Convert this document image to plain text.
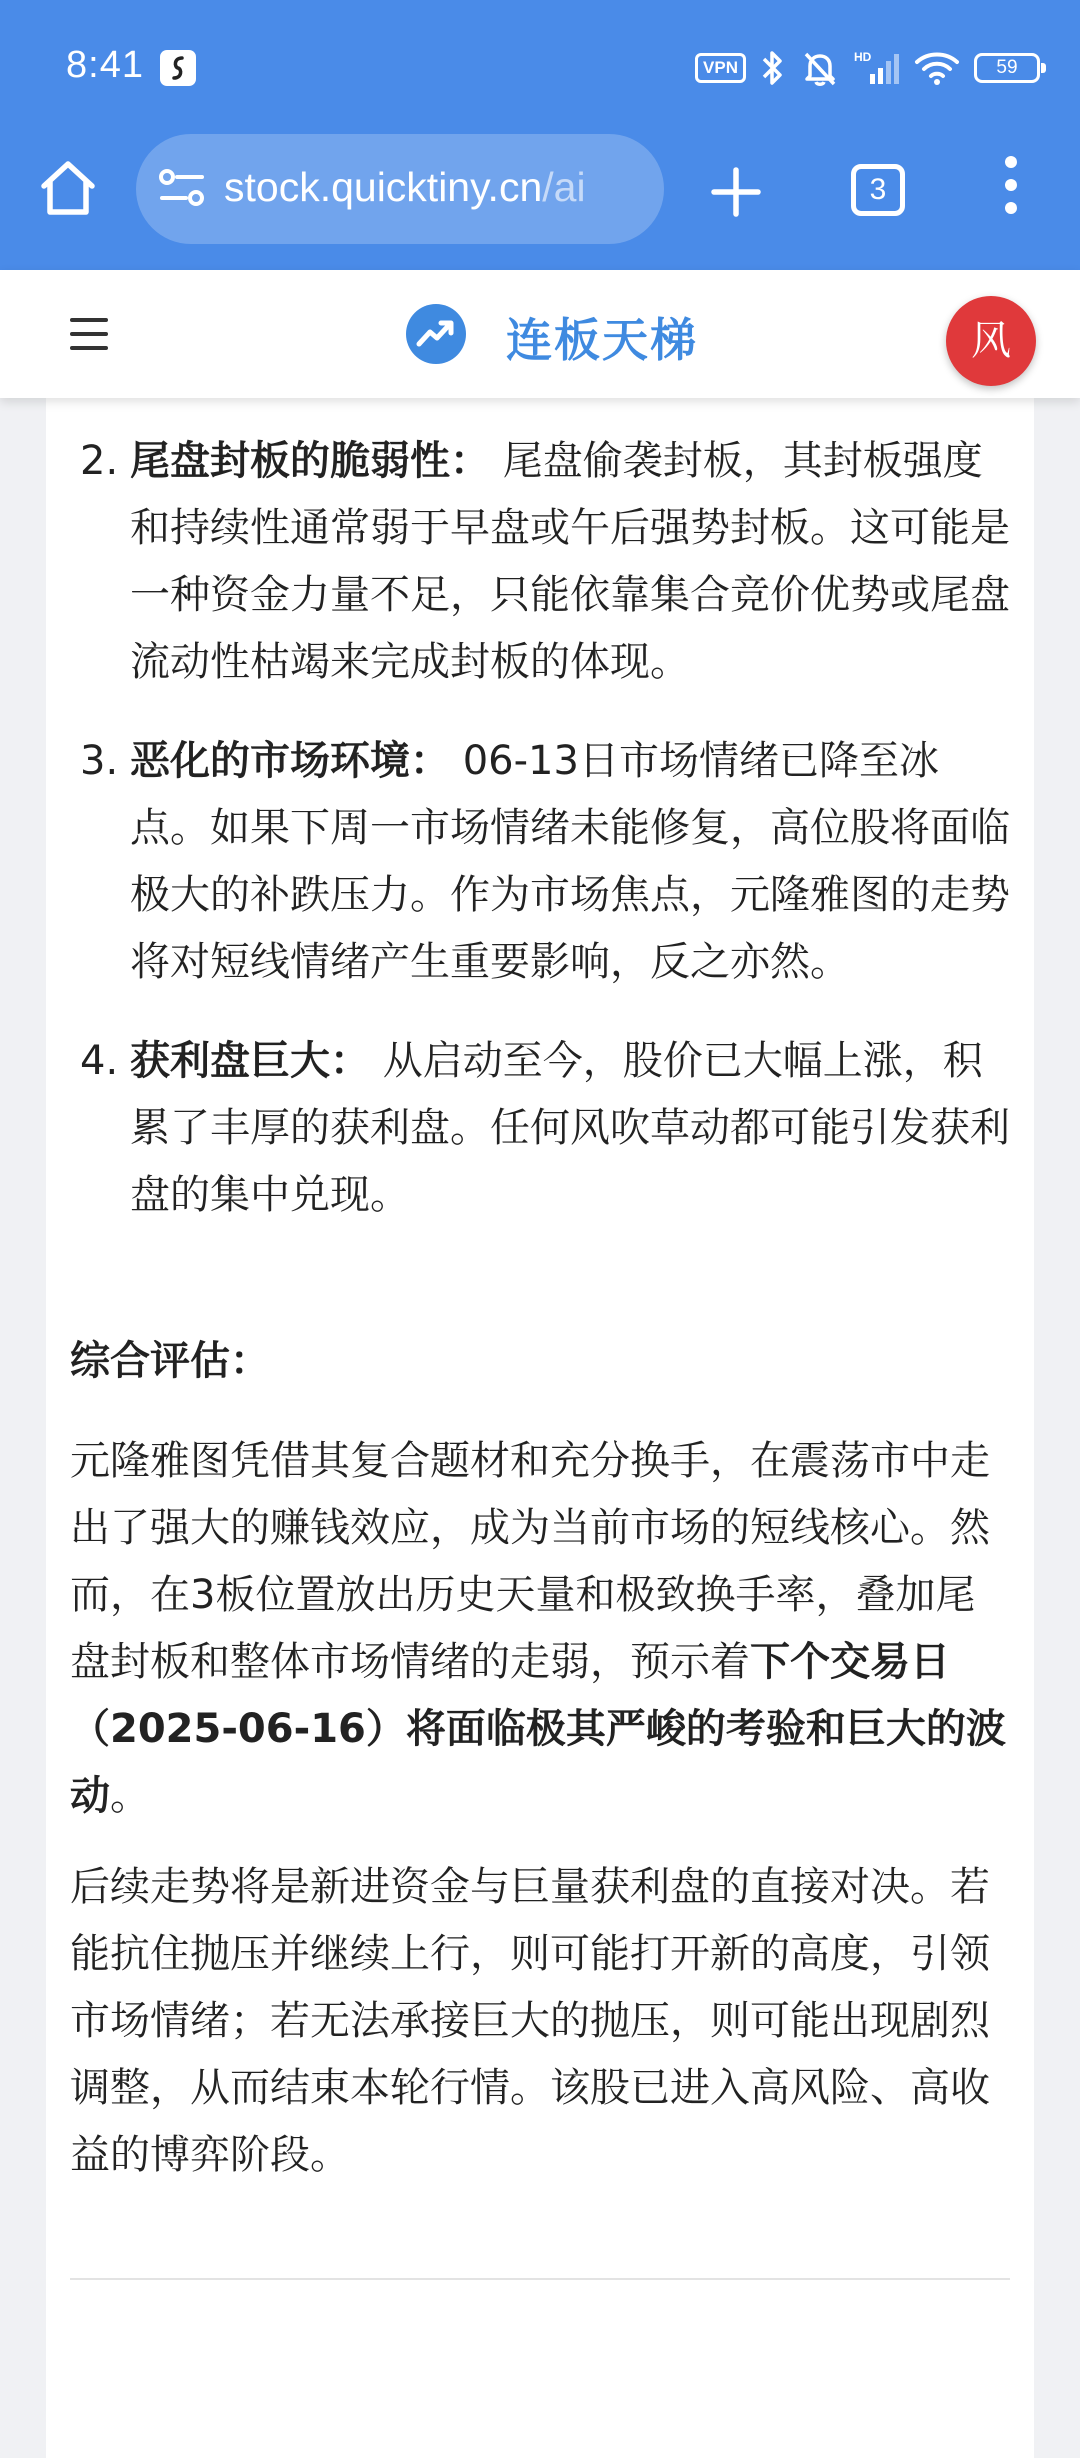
8:41	VPN
HD	59
stock.quicktiny.cn/ai	3
连板天梯	风
2. 尾盘封板的脆弱性： 尾盘偷袭封板，其封板强度和持续性通常弱于早盘或午后强势封板。这可能是一种资金力量不足，只能依靠集合竞价优势或尾盘流动性枯竭来完成封板的体现。
3. 恶化的市场环境： 06-13日市场情绪已降至冰点。如果下周一市场情绪未能修复，高位股将面临极大的补跌压力。作为市场焦点，元隆雅图的走势将对短线情绪产生重要影响，反之亦然。
4. 获利盘巨大： 从启动至今，股价已大幅上涨，积累了丰厚的获利盘。任何风吹草动都可能引发获利盘的集中兑现。
综合评估：
元隆雅图凭借其复合题材和充分换手，在震荡市中走出了强大的赚钱效应，成为当前市场的短线核心。然而，在3板位置放出历史天量和极致换手率，叠加尾盘封板和整体市场情绪的走弱，预示着下个交易日（2025-06-16）将面临极其严峻的考验和巨大的波动。
后续走势将是新进资金与巨量获利盘的直接对决。若能抗住抛压并继续上行，则可能打开新的高度，引领市场情绪；若无法承接巨大的抛压，则可能出现剧烈调整，从而结束本轮行情。该股已进入高风险、高收益的博弈阶段。
